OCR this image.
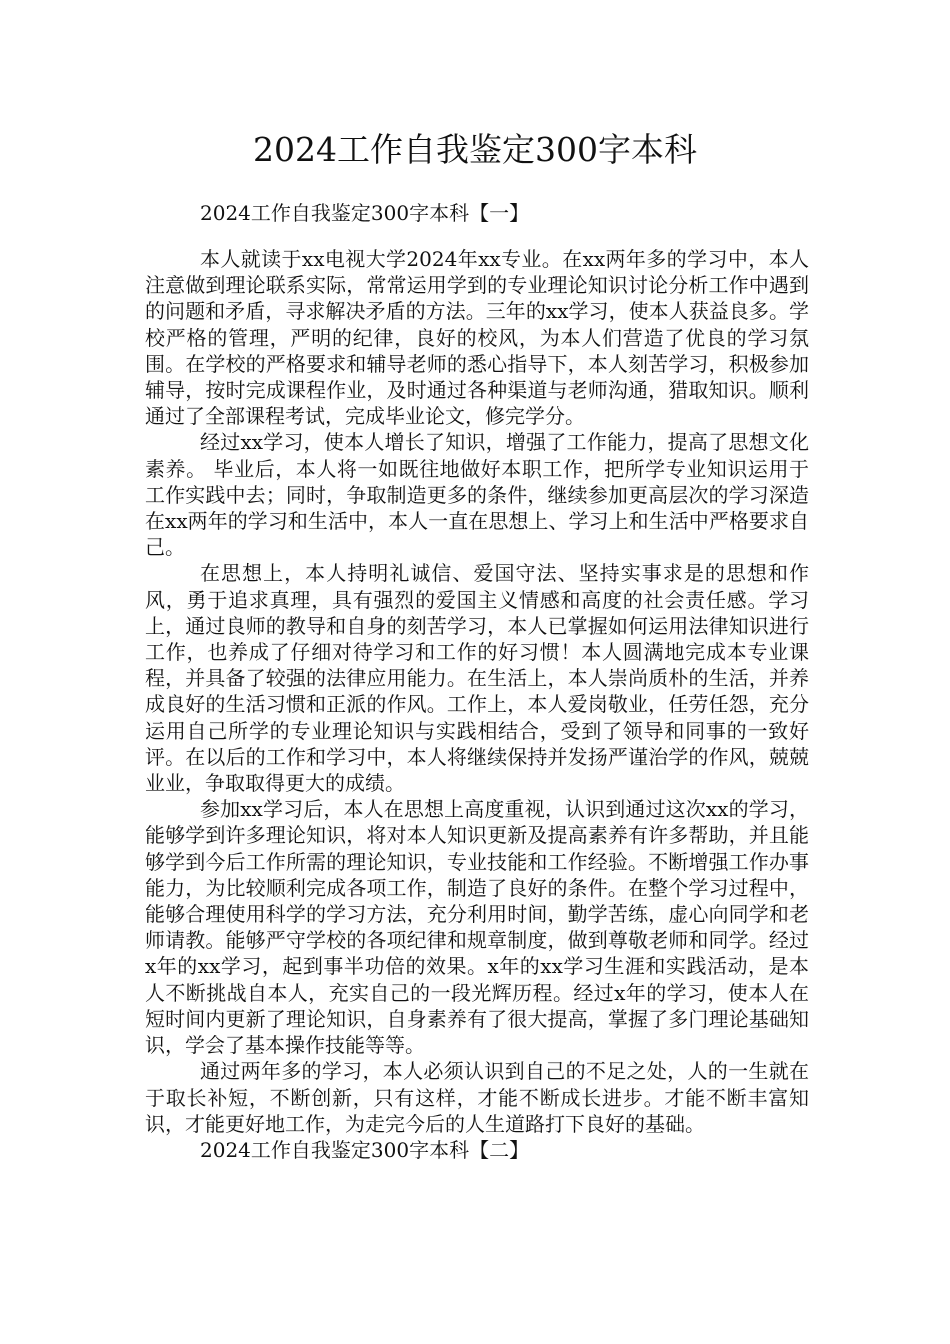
2024工作自我鉴定300字本科
2024工作自我鉴定300字本科【一】

本人就读于xx电视大学2024年xx专业。在xx两年多的学习中，本人注意做到理论联系实际，常常运用学到的专业理论知识讨论分析工作中遇到的问题和矛盾，寻求解决矛盾的方法。三年的xx学习，使本人获益良多。学校严格的管理，严明的纪律，良好的校风，为本人们营造了优良的学习氛围。在学校的严格要求和辅导老师的悉心指导下，本人刻苦学习，积极参加辅导，按时完成课程作业，及时通过各种渠道与老师沟通，猎取知识。顺利通过了全部课程考试，完成毕业论文，修完学分。

经过xx学习，使本人增长了知识，增强了工作能力，提高了思想文化素养。 毕业后，本人将一如既往地做好本职工作，把所学专业知识运用于工作实践中去；同时，争取制造更多的条件，继续参加更高层次的学习深造在xx两年的学习和生活中，本人一直在思想上、学习上和生活中严格要求自己。

在思想上，本人持明礼诚信、爱国守法、坚持实事求是的思想和作风，勇于追求真理，具有强烈的爱国主义情感和高度的社会责任感。学习上，通过良师的教导和自身的刻苦学习，本人已掌握如何运用法律知识进行工作，也养成了仔细对待学习和工作的好习惯！本人圆满地完成本专业课程，并具备了较强的法律应用能力。在生活上，本人崇尚质朴的生活，并养成良好的生活习惯和正派的作风。工作上，本人爱岗敬业，任劳任怨，充分运用自己所学的专业理论知识与实践相结合，受到了领导和同事的一致好评。在以后的工作和学习中，本人将继续保持并发扬严谨治学的作风，兢兢业业，争取取得更大的成绩。

参加xx学习后，本人在思想上高度重视，认识到通过这次xx的学习，能够学到许多理论知识，将对本人知识更新及提高素养有许多帮助，并且能够学到今后工作所需的理论知识，专业技能和工作经验。不断增强工作办事能力，为比较顺利完成各项工作，制造了良好的条件。在整个学习过程中，能够合理使用科学的学习方法，充分利用时间，勤学苦练，虚心向同学和老师请教。能够严守学校的各项纪律和规章制度，做到尊敬老师和同学。经过x年的xx学习，起到事半功倍的效果。x年的xx学习生涯和实践活动，是本人不断挑战自本人，充实自己的一段光辉历程。经过x年的学习，使本人在短时间内更新了理论知识，自身素养有了很大提高，掌握了多门理论基础知识，学会了基本操作技能等等。

通过两年多的学习，本人必须认识到自己的不足之处，人的一生就在于取长补短，不断创新，只有这样，才能不断成长进步。才能不断丰富知识，才能更好地工作，为走完今后的人生道路打下良好的基础。

2024工作自我鉴定300字本科【二】
